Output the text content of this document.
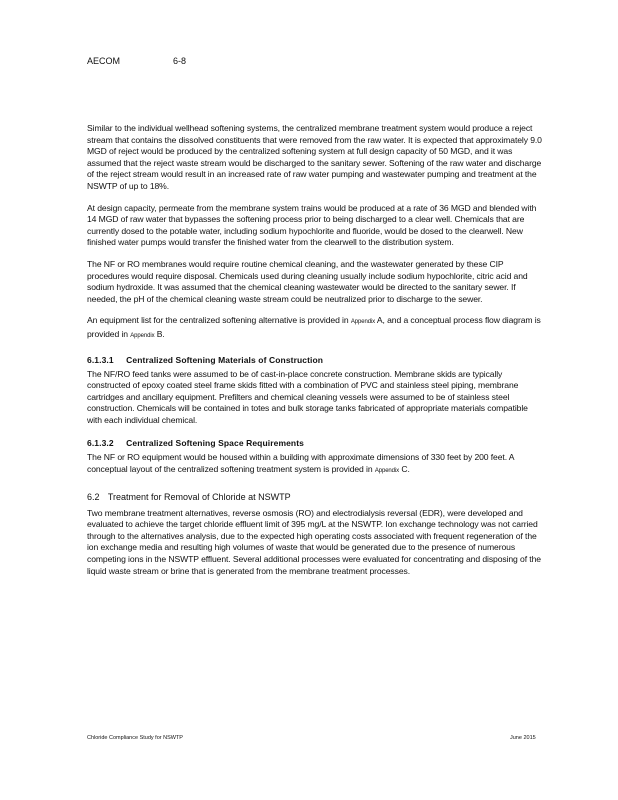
AECOM	6-8

Similar to the individual wellhead softening systems, the centralized membrane treatment system would produce a reject stream that contains the dissolved constituents that were removed from the raw water. It is expected that approximately 9.0 MGD of reject would be produced by the centralized softening system at full design capacity of 50 MGD, and it was assumed that the reject waste stream would be discharged to the sanitary sewer. Softening of the raw water and discharge of the reject stream would result in an increased rate of raw water pumping and wastewater pumping and treatment at the NSWTP of up to 18%.

At design capacity, permeate from the membrane system trains would be produced at a rate of 36 MGD and blended with 14 MGD of raw water that bypasses the softening process prior to being discharged to a clear well. Chemicals that are currently dosed to the potable water, including sodium hypochlorite and fluoride, would be dosed to the clearwell. New finished water pumps would transfer the finished water from the clearwell to the distribution system.

The NF or RO membranes would require routine chemical cleaning, and the wastewater generated by these CIP procedures would require disposal. Chemicals used during cleaning usually include sodium hypochlorite, citric acid and sodium hydroxide. It was assumed that the chemical cleaning wastewater would be directed to the sanitary sewer. If needed, the pH of the chemical cleaning waste stream could be neutralized prior to discharge to the sewer.

An equipment list for the centralized softening alternative is provided in Appendix A, and a conceptual process flow diagram is provided in Appendix B.

6.1.3.1 Centralized Softening Materials of Construction

The NF/RO feed tanks were assumed to be of cast-in-place concrete construction. Membrane skids are typically constructed of epoxy coated steel frame skids fitted with a combination of PVC and stainless steel piping, membrane cartridges and ancillary equipment. Prefilters and chemical cleaning vessels were assumed to be of stainless steel construction. Chemicals will be contained in totes and bulk storage tanks fabricated of appropriate materials compatible with each individual chemical.

6.1.3.2 Centralized Softening Space Requirements

The NF or RO equipment would be housed within a building with approximate dimensions of 330 feet by 200 feet. A conceptual layout of the centralized softening treatment system is provided in Appendix C.

6.2 Treatment for Removal of Chloride at NSWTP

Two membrane treatment alternatives, reverse osmosis (RO) and electrodialysis reversal (EDR), were developed and evaluated to achieve the target chloride effluent limit of 395 mg/L at the NSWTP. Ion exchange technology was not carried through to the alternatives analysis, due to the expected high operating costs associated with frequent regeneration of the ion exchange media and resulting high volumes of waste that would be generated due to the presence of numerous competing ions in the NSWTP effluent. Several additional processes were evaluated for concentrating and disposing of the liquid waste stream or brine that is generated from the membrane treatment processes.

Chloride Compliance Study for NSWTP	June 2015
